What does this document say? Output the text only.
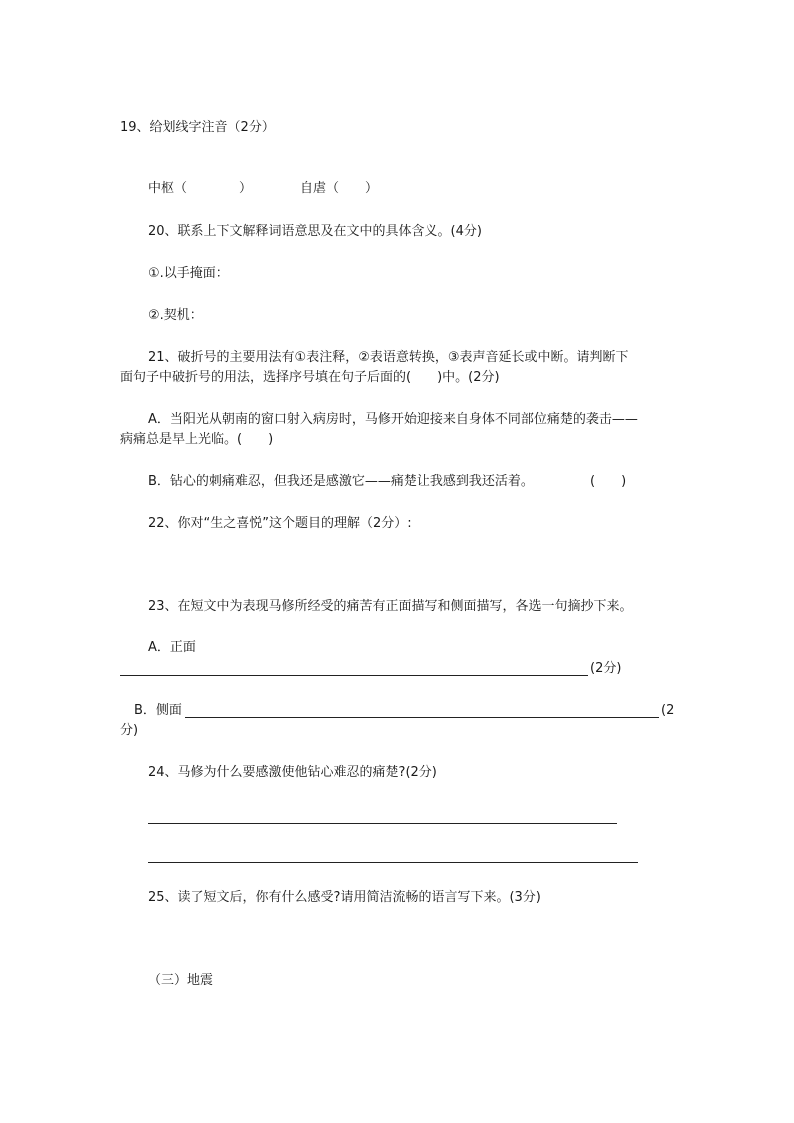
19、给划线字注音（2分）
中枢（　　　　）	自虐（　　）
20、联系上下文解释词语意思及在文中的具体含义。(4分)
①.以手掩面：
②.契机：
21、破折号的主要用法有①表注释，②表语意转换，③表声音延长或中断。请判断下
面句子中破折号的用法，选择序号填在句子后面的(　　)中。(2分)
A．当阳光从朝南的窗口射入病房时，马修开始迎接来自身体不同部位痛楚的袭击——
病痛总是早上光临。(　　)
B．钻心的刺痛难忍，但我还是感激它——痛楚让我感到我还活着。	(　　)
22、你对“生之喜悦”这个题目的理解（2分）:
23、在短文中为表现马修所经受的痛苦有正面描写和侧面描写，各选一句摘抄下来。
A．正面
(2分)
B．侧面	(2
分)
24、马修为什么要感激使他钻心难忍的痛楚?(2分)
25、读了短文后，你有什么感受?请用简洁流畅的语言写下来。(3分)
（三）地震
